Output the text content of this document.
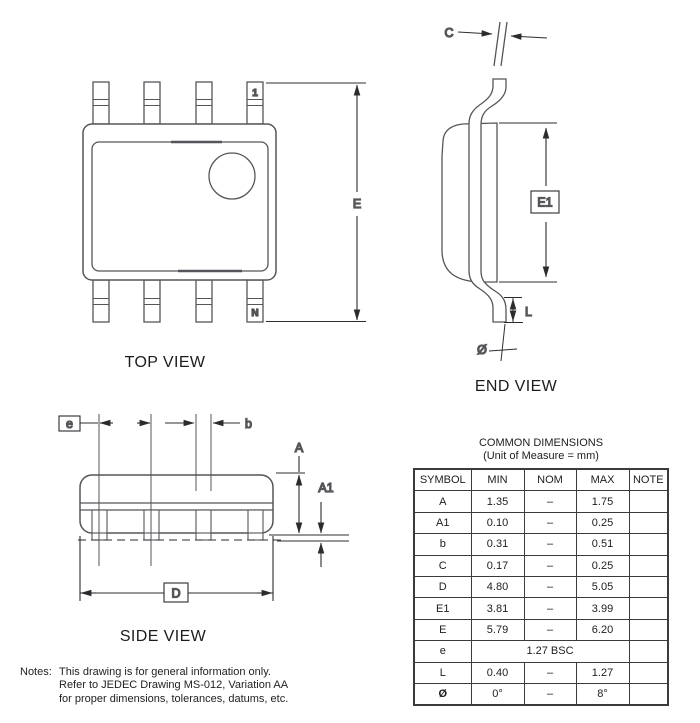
E
1
N
TOP VIEW
C
E1
L
Ø
END VIEW
e	b
A
A1
D
SIDE VIEW
Notes: This drawing is for general information only.
Refer to JEDEC Drawing MS-012, Variation AA
for proper dimensions, tolerances, datums, etc.
COMMON DIMENSIONS
(Unit of Measure = mm)
SYMBOL	MIN	NOM	MAX	NOTE
A	1.35	–	1.75	
A1	0.10	–	0.25	
b	0.31	–	0.51	
C	0.17	–	0.25	
D	4.80	–	5.05	
E1	3.81	–	3.99	
E	5.79	–	6.20	
e	1.27 BSC			
L	0.40	–	1.27	
Ø	0°	–	8°	
